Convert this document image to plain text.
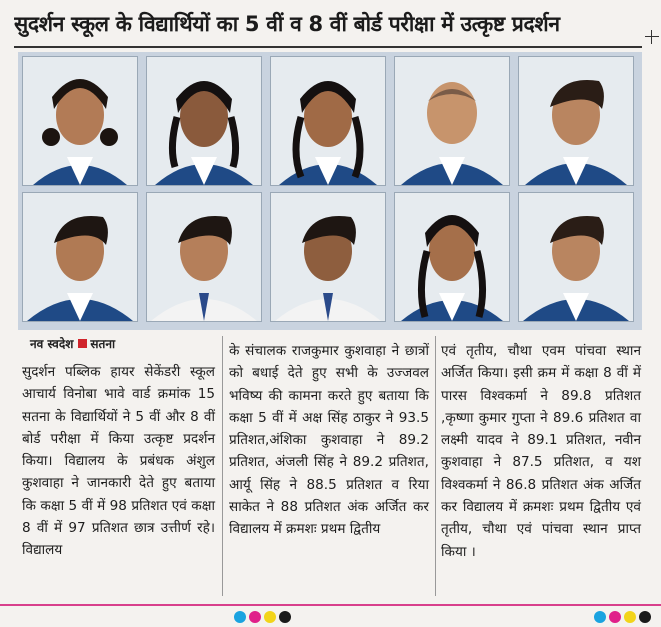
सुदर्शन स्कूल के विद्यार्थियों का 5 वीं व 8 वीं बोर्ड परीक्षा में उत्कृष्ट प्रदर्शन
नव स्वदेश सतना
सुदर्शन पब्लिक हायर सेकेंडरी स्कूल आचार्य विनोबा भावे वार्ड क्रमांक 15 सतना के विद्यार्थियों ने 5 वीं और 8 वीं बोर्ड परीक्षा में किया उत्कृष्ट प्रदर्शन किया। विद्यालय के प्रबंधक अंशुल कुशवाहा ने जानकारी देते हुए बताया कि कक्षा 5 वीं में 98 प्रतिशत एवं कक्षा 8 वीं में 97 प्रतिशत छात्र उत्तीर्ण रहे। विद्यालय
के संचालक राजकुमार कुशवाहा ने छात्रों को बधाई देते हुए सभी के उज्जवल भविष्य की कामना करते हुए बताया कि कक्षा 5 वीं में अक्ष सिंह ठाकुर ने 93.5 प्रतिशत,अंशिका कुशवाहा ने 89.2 प्रतिशत, अंजली सिंह ने 89.2 प्रतिशत, आर्यू सिंह ने 88.5 प्रतिशत व रिया साकेत ने 88 प्रतिशत अंक अर्जित कर विद्यालय में क्रमशः प्रथम द्वितीय
एवं तृतीय, चौथा एवम पांचवा स्थान अर्जित किया। इसी क्रम में कक्षा 8 वीं में पारस विश्वकर्मा ने 89.8 प्रतिशत ,कृष्णा कुमार गुप्ता ने 89.6 प्रतिशत वा लक्ष्मी यादव ने 89.1 प्रतिशत, नवीन कुशवाहा ने 87.5 प्रतिशत, व यश विश्वकर्मा ने 86.8 प्रतिशत अंक अर्जित कर विद्यालय में क्रमशः प्रथम द्वितीय एवं तृतीय, चौथा एवं पांचवा स्थान प्राप्त किया ।
